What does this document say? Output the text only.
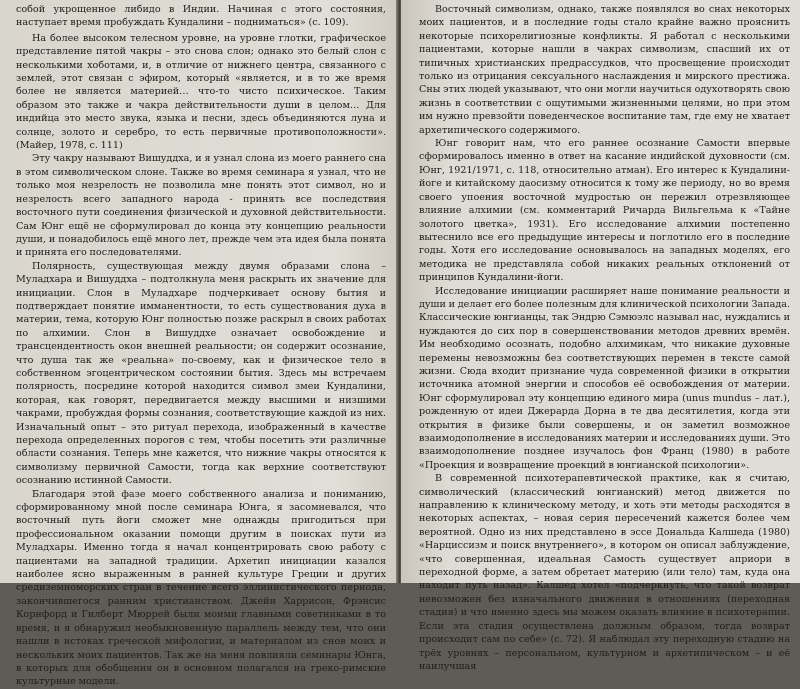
собой укрощенное либидо в Индии. Начиная с этого состояния, наступает время пробуждать Кундалини – подниматься» (с. 109).

На более высоком телесном уровне, на уровне глотки, графическое представление пятой чакры – это снова слон; однако это белый слон с несколькими хоботами, и, в отличие от нижнего центра, связанного с землей, этот связан с эфиром, который «является, и в то же время более не является материей… что-то чисто психическое. Таким образом это также и чакра действительности души в целом… Для индийца это место звука, языка и песни, здесь объединяются луна и солнце, золото и серебро, то есть первичные противоположности». (Майер, 1978, с. 111)

Эту чакру называют Вишуддха, и я узнал слона из моего раннего сна в этом символическом слоне. Также во время семинара я узнал, что не только моя незрелость не позволила мне понять этот символ, но и незрелость всего западного народа - принять все последствия восточного пути соединения физической и духовной действительности. Сам Юнг ещё не сформулировал до конца эту концепцию реальности души, и понадобилось ещё много лет, прежде чем эта идея была понята и принята его последователями.

Полярность, существующая между двумя образами слона – Муладхара и Вишуддха – подтолкнула меня раскрыть их значение для инициации. Слон в Муладхаре подчеркивает основу бытия и подтверждает понятие имманентности, то есть существования духа в материи, тема, которую Юнг полностью позже раскрыл в своих работах по алхимии. Слон в Вишуддхе означает освобождение и трансцендентность окон внешней реальности; он содержит осознание, что душа так же «реальна» по-своему, как и физическое тело в собственном эгоцентрическом состоянии бытия. Здесь мы встречаем полярность, посредине которой находится символ змеи Кундалини, которая, как говорят, передвигается между высшими и низшими чакрами, пробуждая формы сознания, соответствующие каждой из них. Изначальный опыт – это ритуал перехода, изображенный в качестве перехода определенных порогов с тем, чтобы посетить эти различные области сознания. Теперь мне кажется, что нижние чакры относятся к символизму первичной Самости, тогда как верхние соответствуют осознанию истинной Самости.

Благодаря этой фазе моего собственного анализа и пониманию, сформированному мной после семинара Юнга, я засомневался, что восточный путь йоги сможет мне однажды пригодиться при профессиональном оказании помощи другим в поисках пути из Муладхары. Именно тогда я начал концентрировать свою работу с пациентами на западной традиции. Архетип инициации казался наиболее ясно выраженным в ранней культуре Греции и других средиземноморских стран в течение всего эллинистического периода, закончившегося ранним христианством. Джейн Харрисон, Фрэнсис Корнфорд и Гилберт Мюррей были моими главными советниками в то время, и я обнаружил необыкновенную параллель между тем, что они нашли в истоках греческой мифологии, и материалом из снов моих и нескольких моих пациентов. Так же на меня повлияли семинары Юнга, в которых для обобщения он в основном полагался на греко-римские культурные модели.

Восточный символизм, однако, также появлялся во снах некоторых моих пациентов, и в последние годы стало крайне важно прояснить некоторые психорелигиозные конфликты. Я работал с несколькими пациентами, которые нашли в чакрах символизм, спасший их от типичных христианских предрассудков, что просвещение происходит только из отрицания сексуального наслаждения и мирского престижа. Сны этих людей указывают, что они могли научиться одухотворять свою жизнь в соответствии с ощутимыми жизненными целями, но при этом им нужно превзойти поведенческое воспитание там, где ему не хватает архетипического содержимого.

Юнг говорит нам, что его раннее осознание Самости впервые сформировалось именно в ответ на касание индийской духовности (см. Юнг, 1921/1971, с. 118, относительно атман). Его интерес к Кундалини-йоге и китайскому даосизму относится к тому же периоду, но во время своего упоения восточной мудростью он пережил отрезвляющее влияние алхимии (см. комментарий Ричарда Вильгельма к «Тайне золотого цветка», 1931). Его исследование алхимии постепенно вытеснило все его предыдущие интересы и поглотило его в последние годы. Хотя его исследование основывалось на западных моделях, его методика не представляла собой никаких реальных отклонений от принципов Кундалини-йоги.

Исследование инициации расширяет наше понимание реальности и души и делает его более полезным для клинической психологии Запада. Классические юнгианцы, так Эндрю Сэмюэлс называл нас, нуждались и нуждаются до сих пор в совершенствовании методов древних времён. Им необходимо осознать, подобно алхимикам, что никакие духовные перемены невозможны без соответствующих перемен в тексте самой жизни. Сюда входит признание чуда современной физики в открытии источника атомной энергии и способов её освобождения от материи. Юнг сформулировал эту концепцию единого мира (unus mundus – лат.), рожденную от идеи Джерарда Дорна в те два десятилетия, когда эти открытия в физике были совершены, и он заметил возможное взаимодополнение в исследованиях материи и исследованиях души. Это взаимодополнение позднее изучалось фон Франц (1980) в работе «Проекция и возвращение проекций в юнгианской психологии».

В современной психотерапевтической практике, как я считаю, символический (классический юнгианский) метод движется по направлению к клиническому методу, и хоть эти методы расходятся в некоторых аспектах, – новая серия пересечений кажется более чем вероятной. Одно из них представлено в эссе Дональда Калшеда (1980) «Нарциссизм и поиск внутреннего», в котором он описал заблуждение, «что совершенная, идеальная Самость существует априори в переходной форме, а затем обретает материю (или тело) там, куда она находит путь назад». Калшед хотел «подчеркнуть, что такой возврат невозможен без изначального движения в отношениях (переходная стадия) и что именно здесь мы можем оказать влияние в психотерапии. Если эта стадия осуществлена должным образом, тогда возврат происходит сам по себе» (с. 72). Я наблюдал эту переходную стадию на трёх уровнях – персональном, культурном и архетипическом – и её наилучшая
